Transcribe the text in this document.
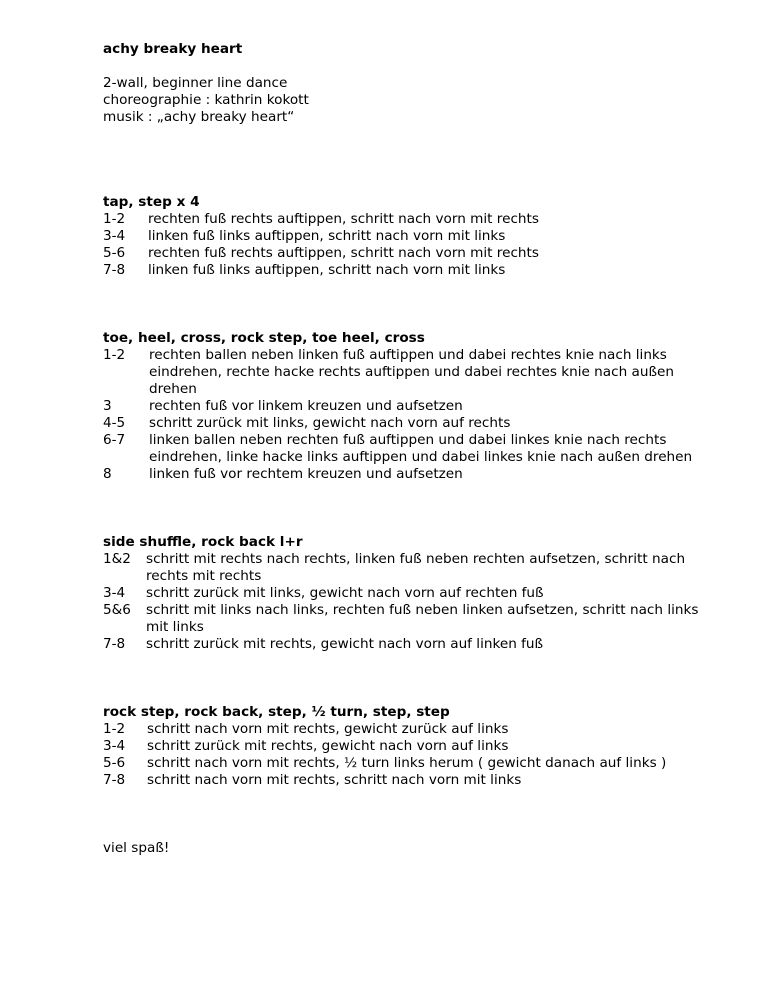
achy breaky heart
2-wall, beginner line dance
choreographie : kathrin kokott
musik : „achy breaky heart“
tap, step x 4
1-2	rechten fuß rechts auftippen, schritt nach vorn mit rechts
3-4	linken fuß links auftippen, schritt nach vorn mit links
5-6	rechten fuß rechts auftippen, schritt nach vorn mit rechts
7-8	linken fuß links auftippen, schritt nach vorn mit links
toe, heel, cross, rock step, toe heel, cross
1-2	rechten ballen neben linken fuß auftippen und dabei rechtes knie nach links eindrehen, rechte hacke rechts auftippen und dabei rechtes knie nach außen drehen
3	rechten fuß vor linkem kreuzen und aufsetzen
4-5	schritt zurück mit links, gewicht nach vorn auf rechts
6-7	linken ballen neben rechten fuß auftippen und dabei linkes knie nach rechts eindrehen, linke hacke links auftippen und dabei linkes knie nach außen drehen
8	linken fuß vor rechtem kreuzen und aufsetzen
side shuffle, rock back l+r
1&2	schritt mit rechts nach rechts, linken fuß neben rechten aufsetzen, schritt nach rechts mit rechts
3-4	schritt zurück mit links, gewicht nach vorn auf rechten fuß
5&6	schritt mit links nach links, rechten fuß neben linken aufsetzen, schritt nach links mit links
7-8	schritt zurück mit rechts, gewicht nach vorn auf linken fuß
rock step, rock back, step, ½ turn, step, step
1-2	schritt nach vorn mit rechts, gewicht zurück auf links
3-4	schritt zurück mit rechts, gewicht nach vorn auf links
5-6	schritt nach vorn mit rechts, ½ turn links herum ( gewicht danach auf links )
7-8	schritt nach vorn mit rechts, schritt nach vorn mit links
viel spaß!
